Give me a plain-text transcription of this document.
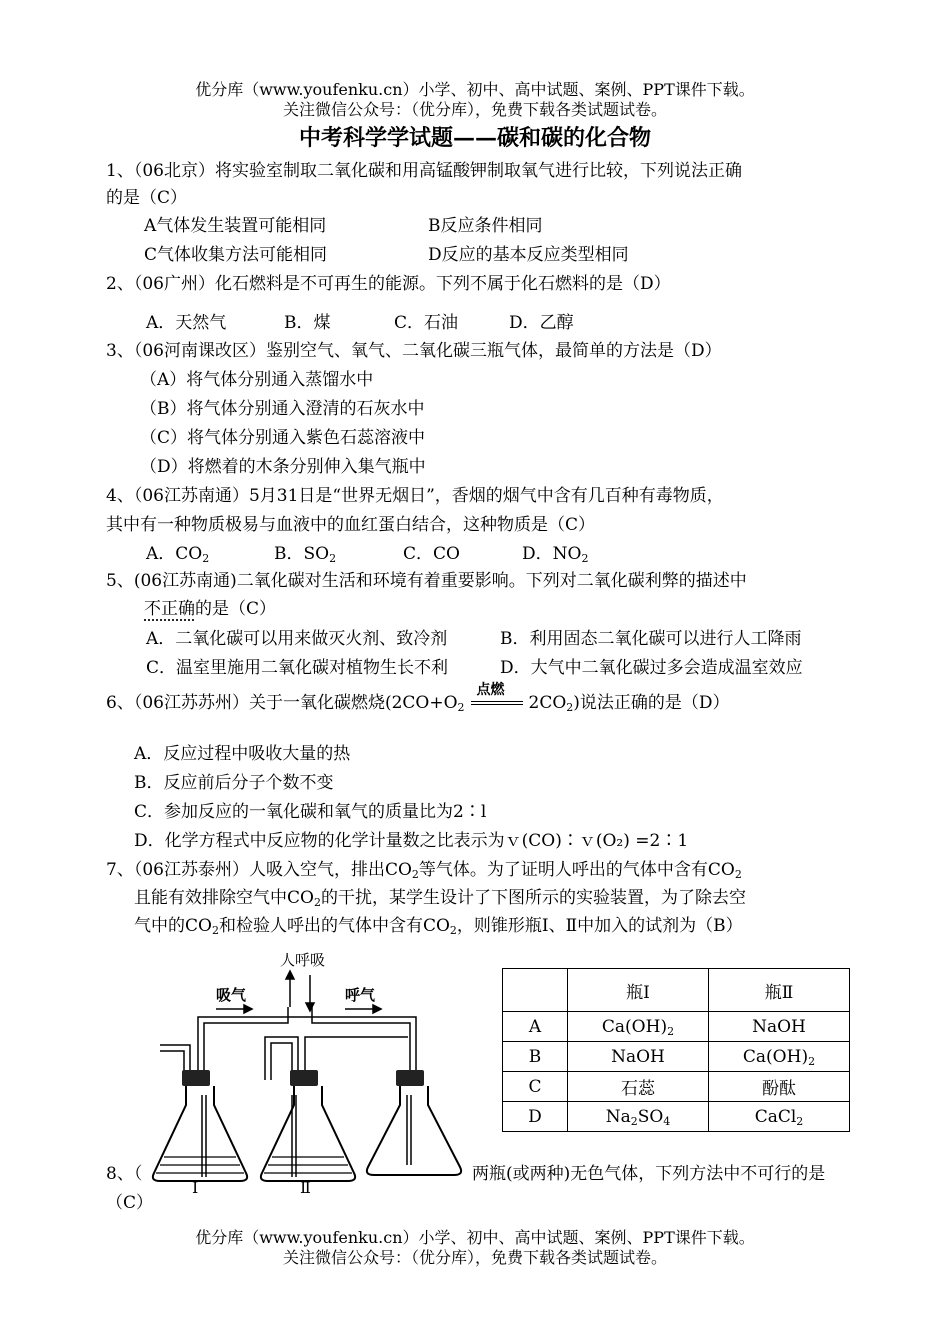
优分库（www.youfenku.cn）小学、初中、高中试题、案例、PPT课件下载。
关注微信公众号：（优分库），免费下载各类试题试卷。
中考科学学试题——碳和碳的化合物
1、（06北京）将实验室制取二氧化碳和用高锰酸钾制取氧气进行比较，下列说法正确
的是（C）
A气体发生装置可能相同	B反应条件相同
C气体收集方法可能相同	D反应的基本反应类型相同
2、（06广州）化石燃料是不可再生的能源。下列不属于化石燃料的是（D）
A．天然气	B．煤	C．石油	D．乙醇
3、（06河南课改区）鉴别空气、氧气、二氧化碳三瓶气体，最简单的方法是（D）
（A）将气体分别通入蒸馏水中
（B）将气体分别通入澄清的石灰水中
（C）将气体分别通入紫色石蕊溶液中
（D）将燃着的木条分别伸入集气瓶中
4、（06江苏南通）5月31日是“世界无烟日”，香烟的烟气中含有几百种有毒物质，
其中有一种物质极易与血液中的血红蛋白结合，这种物质是（C）
A．$CO_2$	B．$SO_2$	C．CO	D．$NO_2$
5、(06江苏南通)二氧化碳对生活和环境有着重要影响。下列对二氧化碳利弊的描述中
不正确的是（C）
A．二氧化碳可以用来做灭火剂、致冷剂	B．利用固态二氧化碳可以进行人工降雨
C．温室里施用二氧化碳对植物生长不利	D．大气中二氧化碳过多会造成温室效应
6、（06江苏苏州）关于一氧化碳燃烧($2CO+O_2$
点燃
$2CO_2$)说法正确的是（D）
A．反应过程中吸收大量的热
B．反应前后分子个数不变
C．参加反应的一氧化碳和氧气的质量比为2∶l
D．化学方程式中反应物的化学计量数之比表示为ｖ(CO)∶ｖ(O₂) =2∶1
7、（06江苏泰州）人吸入空气，排出$CO_2$等气体。为了证明人呼出的气体中含有$CO_2$
且能有效排除空气中$CO_2$的干扰，某学生设计了下图所示的实验装置，为了除去空
气中的$CO_2$和检验人呼出的气体中含有$CO_2$，则锥形瓶Ⅰ、Ⅱ中加入的试剂为（B）
人呼吸
吸气	呼气
Ⅰ	Ⅱ
	瓶Ⅰ	瓶Ⅱ
A	$Ca(OH)_2$	NaOH
B	NaOH	$Ca(OH)_2$
C	石蕊	酚酞
D	$Na_2SO_4$	CaCl$_2$
8、（	两瓶(或两种)无色气体，下列方法中不可行的是
（C）
优分库（www.youfenku.cn）小学、初中、高中试题、案例、PPT课件下载。
关注微信公众号：（优分库），免费下载各类试题试卷。
